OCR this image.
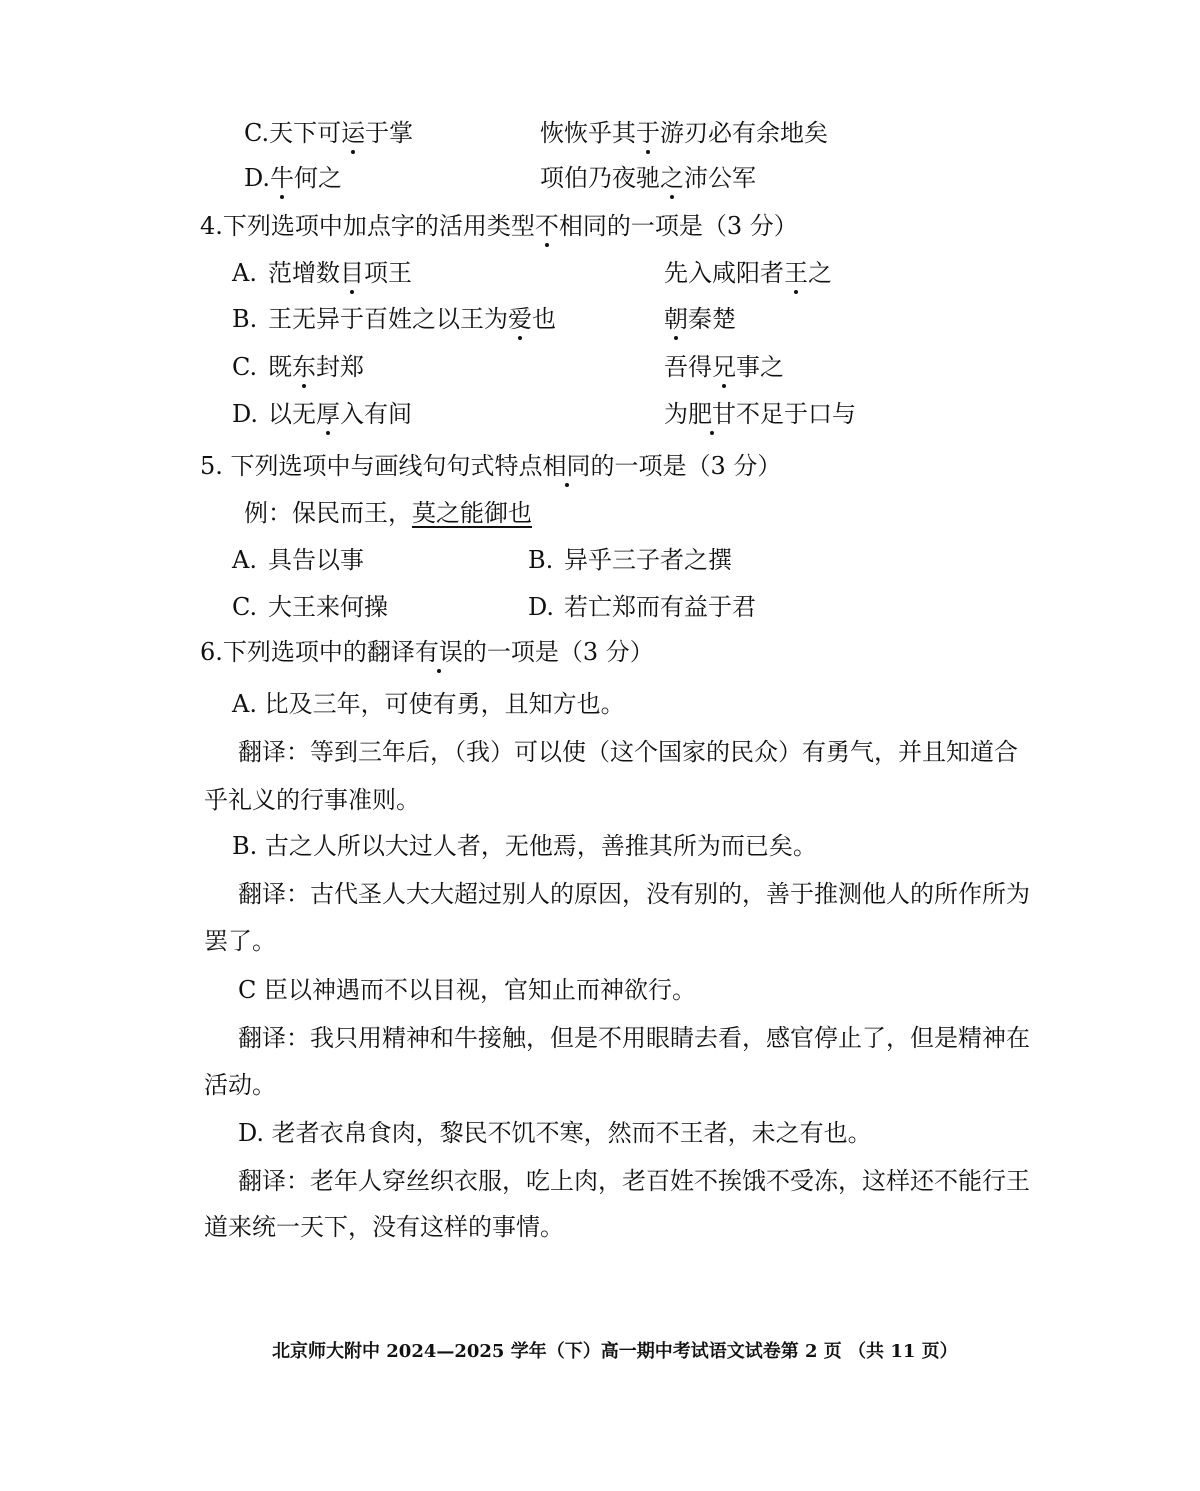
C.天下可运于掌	恢恢乎其于游刃必有余地矣
D.牛何之	项伯乃夜驰之沛公军
4.下列选项中加点字的活用类型不相同的一项是（3 分）
A. 范增数目项王	先入咸阳者王之
B. 王无异于百姓之以王为爱也	朝秦楚
C. 既东封郑	吾得兄事之
D. 以无厚入有间	为肥甘不足于口与
5. 下列选项中与画线句句式特点相同的一项是（3 分）
例：保民而王，莫之能御也
A. 具告以事	B. 异乎三子者之撰
C. 大王来何操	D. 若亡郑而有益于君
6.下列选项中的翻译有误的一项是（3 分）
A. 比及三年，可使有勇，且知方也。
翻译：等到三年后，（我）可以使（这个国家的民众）有勇气，并且知道合
乎礼义的行事准则。
B. 古之人所以大过人者，无他焉，善推其所为而已矣。
翻译：古代圣人大大超过别人的原因，没有别的，善于推测他人的所作所为
罢了。
C 臣以神遇而不以目视，官知止而神欲行。
翻译：我只用精神和牛接触，但是不用眼睛去看，感官停止了，但是精神在
活动。
D. 老者衣帛食肉，黎民不饥不寒，然而不王者，未之有也。
翻译：老年人穿丝织衣服，吃上肉，老百姓不挨饿不受冻，这样还不能行王
道来统一天下，没有这样的事情。
北京师大附中 2024—2025 学年（下）高一期中考试语文试卷第 2 页 （共 11 页）
